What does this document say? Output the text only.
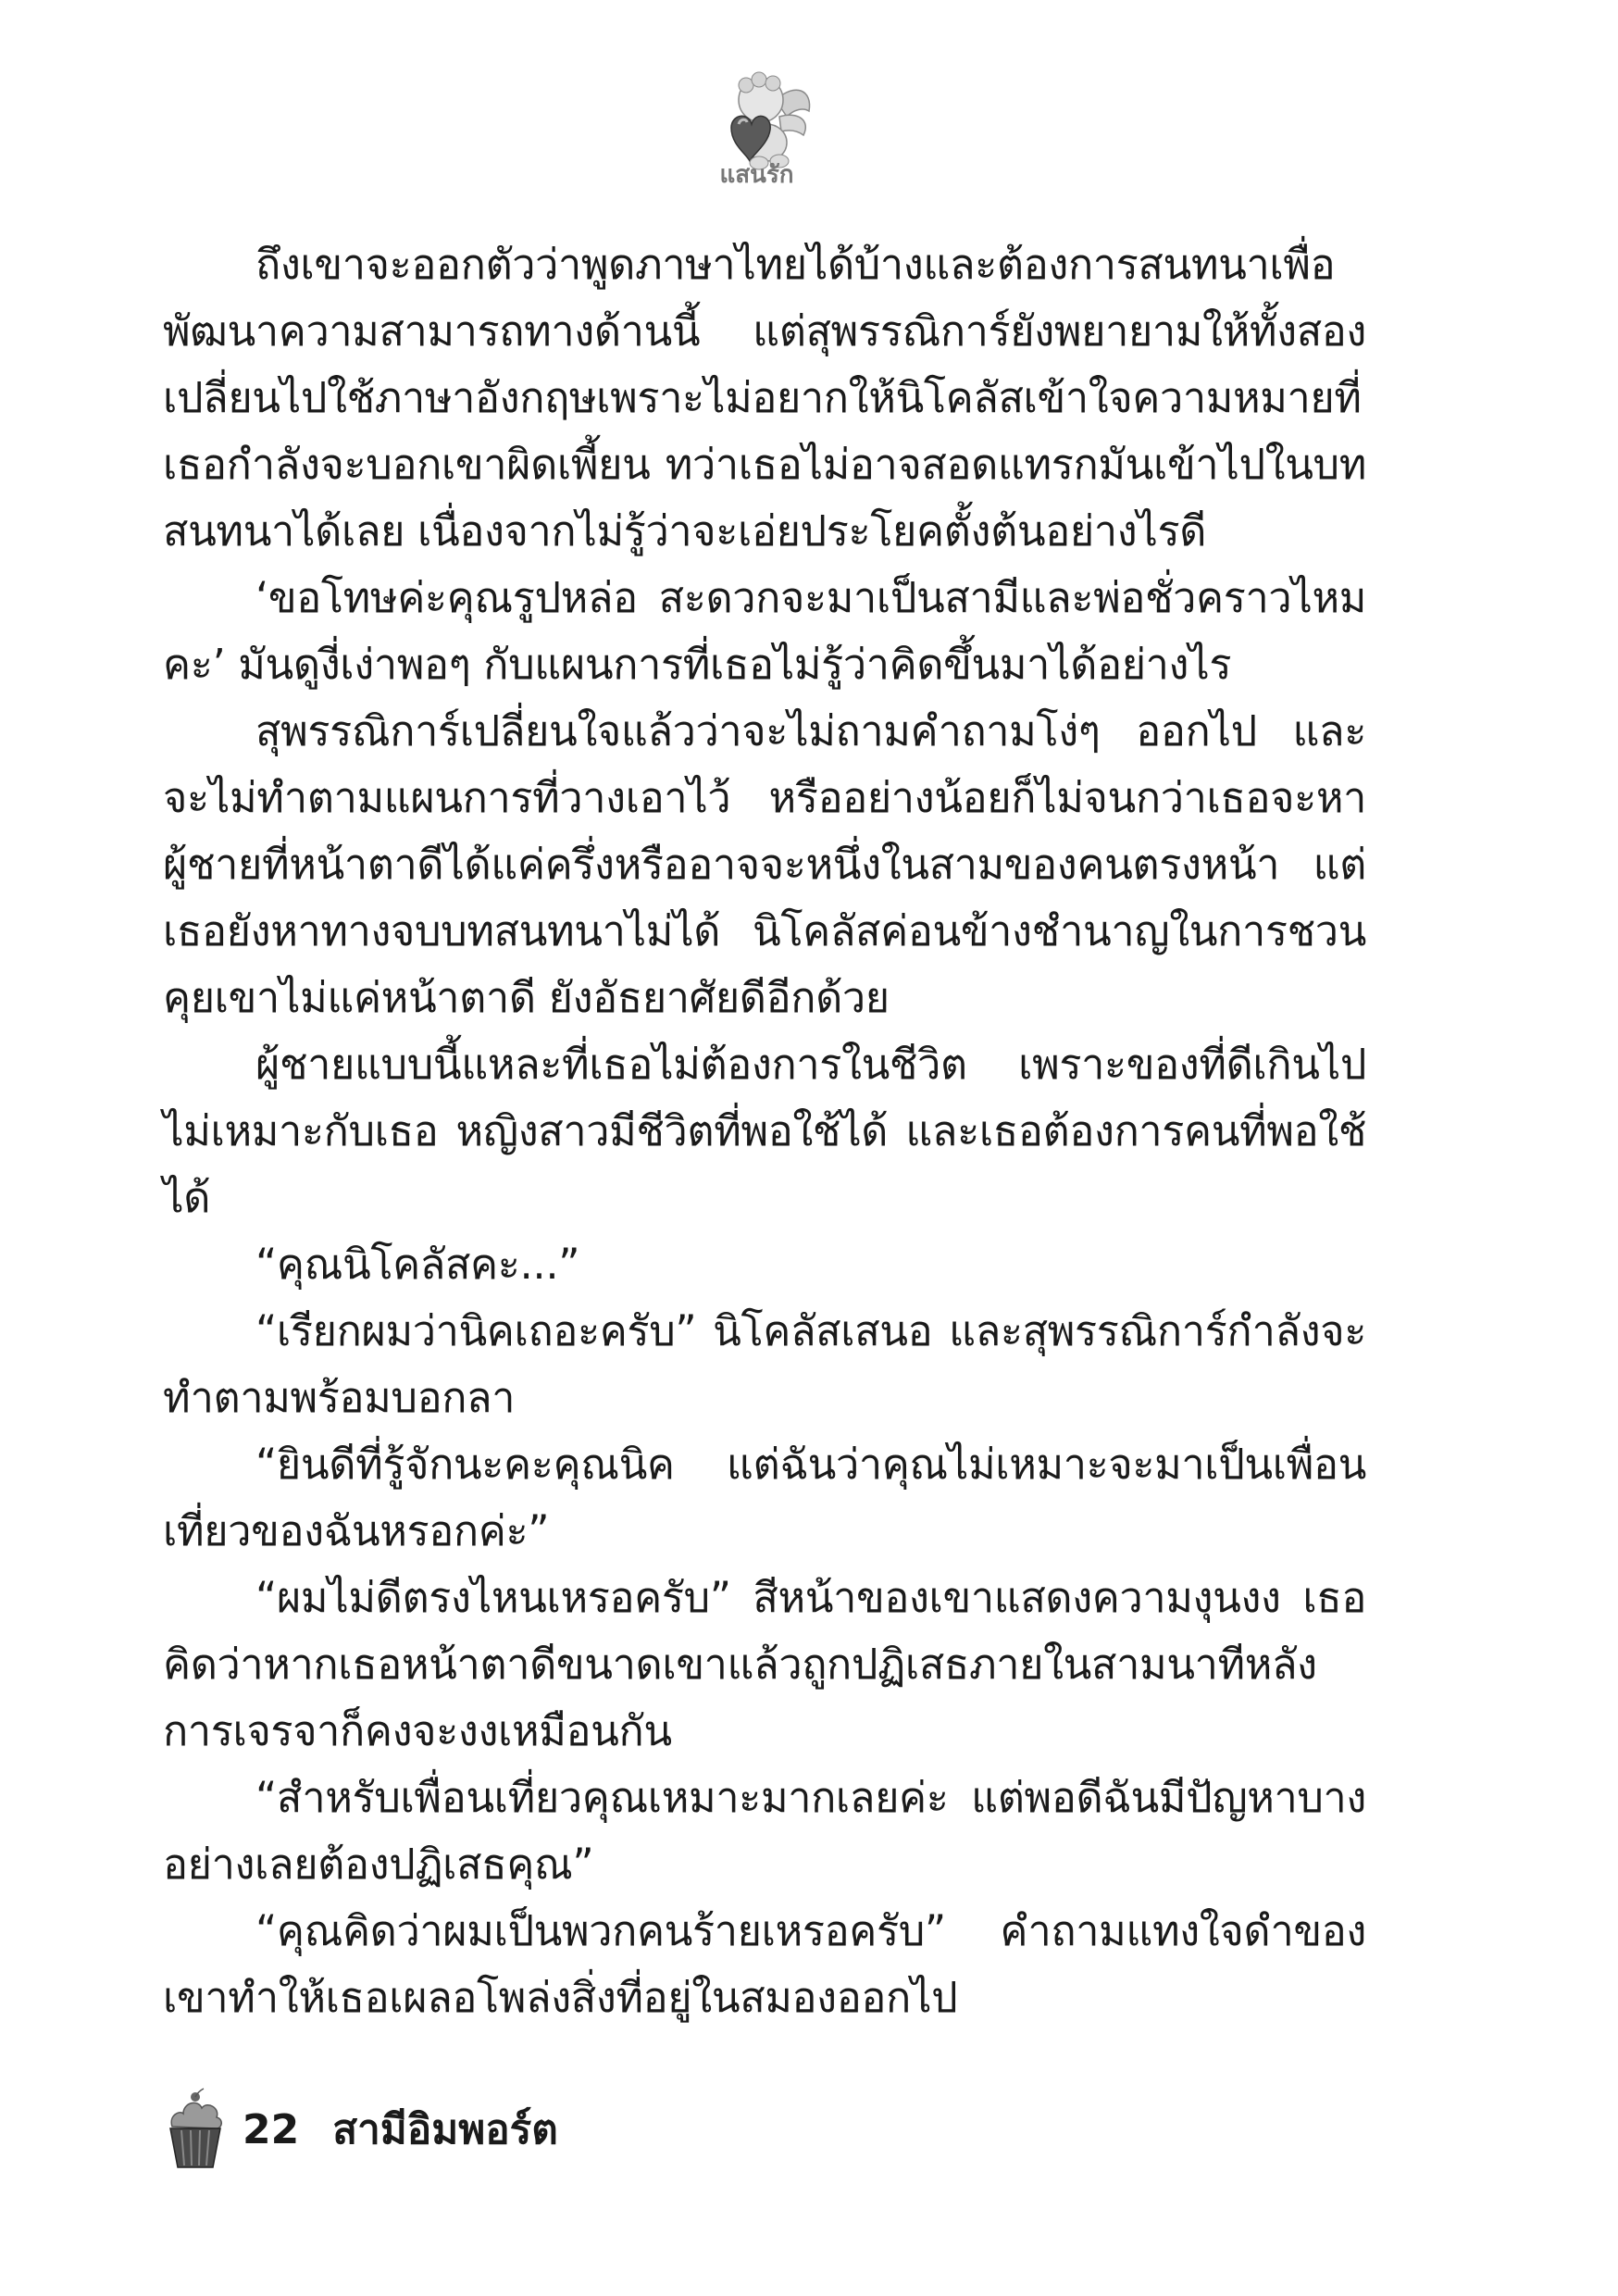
แสนรัก

ถึงเขาจะออกตัวว่าพูดภาษาไทยได้บ้างและต้องการสนทนาเพื่อพัฒนาความสามารถทางด้านนี้ แต่สุพรรณิการ์ยังพยายามให้ทั้งสองเปลี่ยนไปใช้ภาษาอังกฤษเพราะไม่อยากให้นิโคลัสเข้าใจความหมายที่เธอกำลังจะบอกเขาผิดเพี้ยน ทว่าเธอไม่อาจสอดแทรกมันเข้าไปในบทสนทนาได้เลย เนื่องจากไม่รู้ว่าจะเอ่ยประโยคตั้งต้นอย่างไรดี

‘ขอโทษค่ะคุณรูปหล่อ สะดวกจะมาเป็นสามีและพ่อชั่วคราวไหมคะ’ มันดูงี่เง่าพอๆ กับแผนการที่เธอไม่รู้ว่าคิดขึ้นมาได้อย่างไร

สุพรรณิการ์เปลี่ยนใจแล้วว่าจะไม่ถามคำถามโง่ๆ ออกไป และจะไม่ทำตามแผนการที่วางเอาไว้ หรืออย่างน้อยก็ไม่จนกว่าเธอจะหาผู้ชายที่หน้าตาดีได้แค่ครึ่งหรืออาจจะหนึ่งในสามของคนตรงหน้า แต่เธอยังหาทางจบบทสนทนาไม่ได้ นิโคลัสค่อนข้างชำนาญในการชวนคุยเขาไม่แค่หน้าตาดี ยังอัธยาศัยดีอีกด้วย

ผู้ชายแบบนี้แหละที่เธอไม่ต้องการในชีวิต เพราะของที่ดีเกินไปไม่เหมาะกับเธอ หญิงสาวมีชีวิตที่พอใช้ได้ และเธอต้องการคนที่พอใช้ได้

“คุณนิโคลัสคะ...”

“เรียกผมว่านิคเถอะครับ” นิโคลัสเสนอ และสุพรรณิการ์กำลังจะทำตามพร้อมบอกลา

“ยินดีที่รู้จักนะคะคุณนิค แต่ฉันว่าคุณไม่เหมาะจะมาเป็นเพื่อนเที่ยวของฉันหรอกค่ะ”

“ผมไม่ดีตรงไหนเหรอครับ” สีหน้าของเขาแสดงความงุนงง เธอคิดว่าหากเธอหน้าตาดีขนาดเขาแล้วถูกปฏิเสธภายในสามนาทีหลังการเจรจาก็คงจะงงเหมือนกัน

“สำหรับเพื่อนเที่ยวคุณเหมาะมากเลยค่ะ แต่พอดีฉันมีปัญหาบางอย่างเลยต้องปฏิเสธคุณ”

“คุณคิดว่าผมเป็นพวกคนร้ายเหรอครับ” คำถามแทงใจดำของเขาทำให้เธอเผลอโพล่งสิ่งที่อยู่ในสมองออกไป

22 สามีอิมพอร์ต
